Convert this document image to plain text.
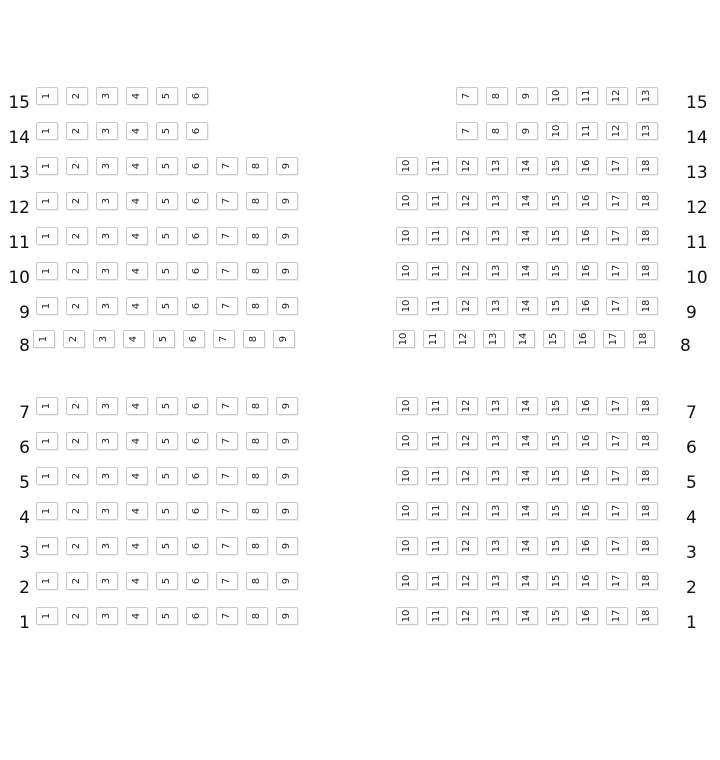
15	15
1 2 3 4 5 6	7 8 9 10 11 12 13
14	14
1 2 3 4 5 6	7 8 9 10 11 12 13
13	13
1 2 3 4 5 6 7 8 9	10 11 12 13 14 15 16 17 18
12	12
1 2 3 4 5 6 7 8 9	10 11 12 13 14 15 16 17 18
11	11
1 2 3 4 5 6 7 8 9	10 11 12 13 14 15 16 17 18
10	10
1 2 3 4 5 6 7 8 9	10 11 12 13 14 15 16 17 18
9	9
1 2 3 4 5 6 7 8 9	10 11 12 13 14 15 16 17 18
8	8
1 2 3 4 5 6 7 8 9	10 11 12 13 14 15 16 17 18
7	7
1 2 3 4 5 6 7 8 9	10 11 12 13 14 15 16 17 18
6	6
1 2 3 4 5 6 7 8 9	10 11 12 13 14 15 16 17 18
5	5
1 2 3 4 5 6 7 8 9	10 11 12 13 14 15 16 17 18
4	4
1 2 3 4 5 6 7 8 9	10 11 12 13 14 15 16 17 18
3	3
1 2 3 4 5 6 7 8 9	10 11 12 13 14 15 16 17 18
2	2
1 2 3 4 5 6 7 8 9	10 11 12 13 14 15 16 17 18
1	1
1 2 3 4 5 6 7 8 9	10 11 12 13 14 15 16 17 18
